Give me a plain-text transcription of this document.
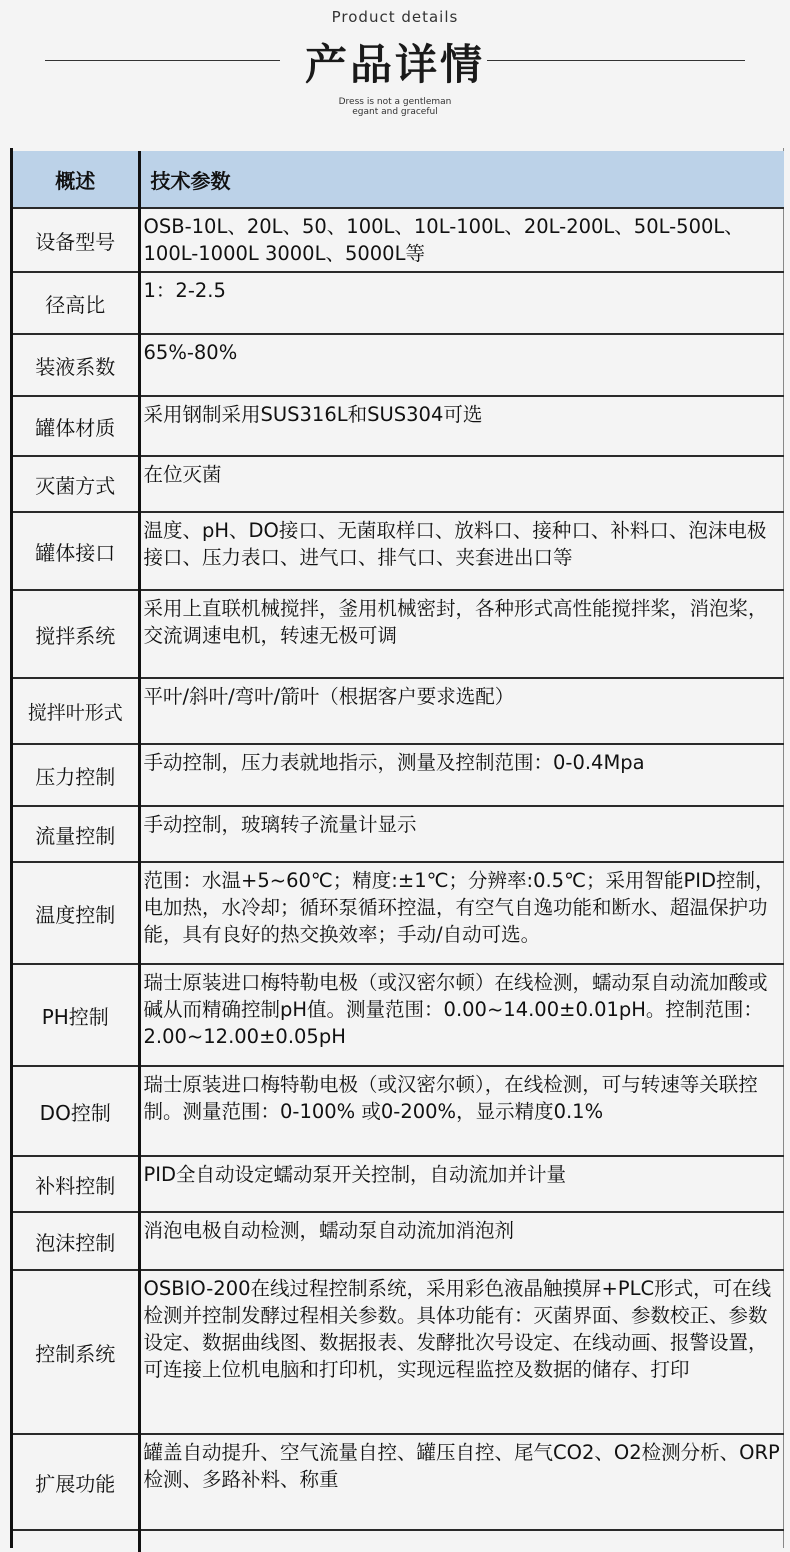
Product details
产品详情
Dress is not a gentleman
egant and graceful
概述	技术参数
设备型号	OSB-10L、20L、50、100L、10L-100L、20L-200L、50L-500L、100L-1000L 3000L、5000L等
径高比	1：2-2.5
装液系数	65%-80%
罐体材质	采用钢制采用SUS316L和SUS304可选
灭菌方式	在位灭菌
罐体接口	温度、pH、DO接口、无菌取样口、放料口、接种口、补料口、泡沫电极接口、压力表口、进气口、排气口、夹套进出口等
搅拌系统	采用上直联机械搅拌，釜用机械密封，各种形式高性能搅拌桨，消泡桨，交流调速电机，转速无极可调
搅拌叶形式	平叶/斜叶/弯叶/箭叶（根据客户要求选配）
压力控制	手动控制，压力表就地指示，测量及控制范围：0-0.4Mpa
流量控制	手动控制，玻璃转子流量计显示
温度控制	范围：水温+5~60℃；精度:±1℃；分辨率:0.5℃；采用智能PID控制，电加热，水冷却；循环泵循环控温，有空气自逸功能和断水、超温保护功能，具有良好的热交换效率；手动/自动可选。
PH控制	瑞士原装进口梅特勒电极（或汉密尔顿）在线检测，蠕动泵自动流加酸或碱从而精确控制pH值。测量范围：0.00~14.00±0.01pH。控制范围：2.00~12.00±0.05pH
DO控制	瑞士原装进口梅特勒电极（或汉密尔顿），在线检测，可与转速等关联控制。测量范围：0-100% 或0-200%，显示精度0.1%
补料控制	PID全自动设定蠕动泵开关控制，自动流加并计量
泡沫控制	消泡电极自动检测，蠕动泵自动流加消泡剂
控制系统	OSBIO-200在线过程控制系统，采用彩色液晶触摸屏+PLC形式，可在线检测并控制发酵过程相关参数。具体功能有：灭菌界面、参数校正、参数设定、数据曲线图、数据报表、发酵批次号设定、在线动画、报警设置，可连接上位机电脑和打印机，实现远程监控及数据的储存、打印
扩展功能	罐盖自动提升、空气流量自控、罐压自控、尾气CO2、O2检测分析、ORP检测、多路补料、称重
